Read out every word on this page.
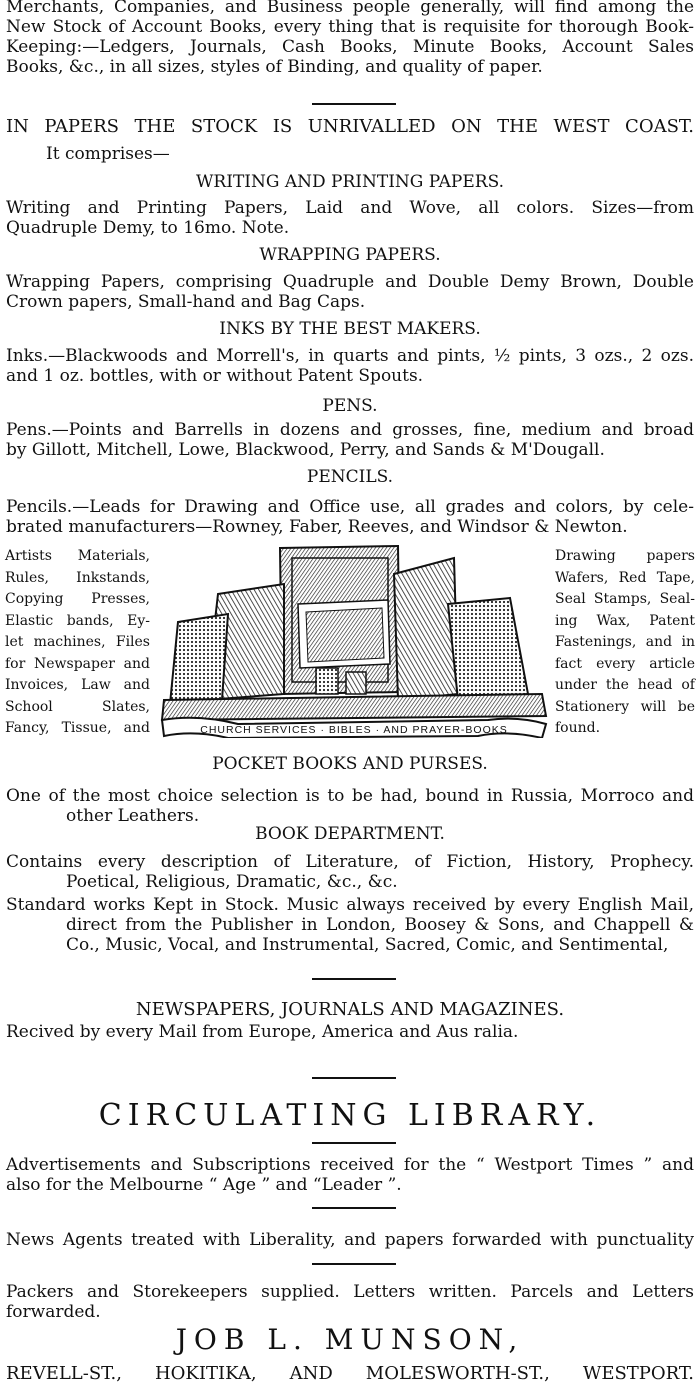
Merchants, Companies, and Business people generally, will find among the

New Stock of Account Books, every thing that is requisite for thorough Book-

Keeping:—Ledgers, Journals, Cash Books, Minute Books, Account Sales

Books, &c., in all sizes, styles of Binding, and quality of paper.

IN PAPERS THE STOCK IS UNRIVALLED ON THE WEST COAST.

It comprises—

WRITING AND PRINTING PAPERS.

Writing and Printing Papers, Laid and Wove, all colors. Sizes—from

Quadruple Demy, to 16mo. Note.

WRAPPING PAPERS.

Wrapping Papers, comprising Quadruple and Double Demy Brown, Double

Crown papers, Small-hand and Bag Caps.

INKS BY THE BEST MAKERS.

Inks.—Blackwoods and Morrell's, in quarts and pints, ½ pints, 3 ozs., 2 ozs.

and 1 oz. bottles, with or without Patent Spouts.

PENS.

Pens.—Points and Barrells in dozens and grosses, fine, medium and broad

by Gillott, Mitchell, Lowe, Blackwood, Perry, and Sands & M'Dougall.

PENCILS.

Pencils.—Leads for Drawing and Office use, all grades and colors, by cele-

brated manufacturers—Rowney, Faber, Reeves, and Windsor & Newton.

Artists Materials,
Rules, Inkstands,
Copying Presses,
Elastic bands, Ey-
let machines, Files
for Newspaper and
Invoices, Law and
School Slates,
Fancy, Tissue, and	CHURCH SERVICES · BIBLES · AND PRAYER-BOOKS
Drawing papers
Wafers, Red Tape,
Seal Stamps, Seal-
ing Wax, Patent
Fastenings, and in
fact every article
under the head of
Stationery will be
found.

POCKET BOOKS AND PURSES.

One of the most choice selection is to be had, bound in Russia, Morroco and

other Leathers.

BOOK DEPARTMENT.

Contains every description of Literature, of Fiction, History, Prophecy.

Poetical, Religious, Dramatic, &c., &c.

Standard works Kept in Stock. Music always received by every English Mail,

direct from the Publisher in London, Boosey & Sons, and Chappell &

Co., Music, Vocal, and Instrumental, Sacred, Comic, and Sentimental,

NEWSPAPERS, JOURNALS AND MAGAZINES.

Recived by every Mail from Europe, America and Aus ralia.

CIRCULATING LIBRARY.

Advertisements and Subscriptions received for the “ Westport Times ” and

also for the Melbourne “ Age ” and “Leader ”.

News Agents treated with Liberality, and papers forwarded with punctuality

Packers and Storekeepers supplied. Letters written. Parcels and Letters

forwarded.

JOB L. MUNSON,

REVELL-ST., HOKITIKA, AND MOLESWORTH-ST., WESTPORT.
